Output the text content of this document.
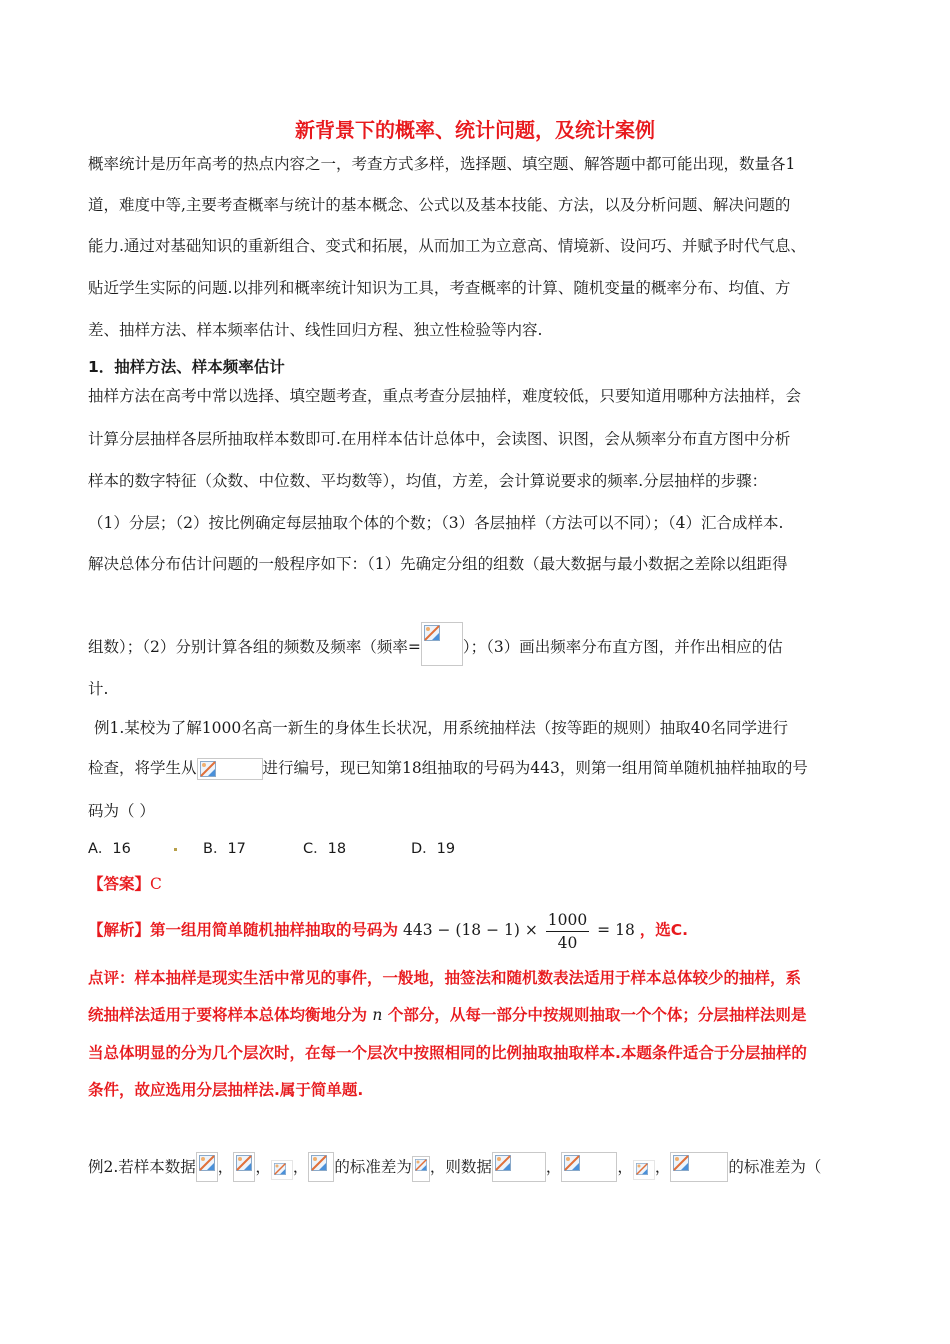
新背景下的概率、统计问题，及统计案例
概率统计是历年高考的热点内容之一，考查方式多样，选择题、填空题、解答题中都可能出现，数量各1
道，难度中等,主要考查概率与统计的基本概念、公式以及基本技能、方法，以及分析问题、解决问题的
能力.通过对基础知识的重新组合、变式和拓展，从而加工为立意高、情境新、设问巧、并赋予时代气息、
贴近学生实际的问题.以排列和概率统计知识为工具，考查概率的计算、随机变量的概率分布、均值、方
差、抽样方法、样本频率估计、线性回归方程、独立性检验等内容.
1．抽样方法、样本频率估计
抽样方法在高考中常以选择、填空题考查，重点考查分层抽样，难度较低，只要知道用哪种方法抽样，会
计算分层抽样各层所抽取样本数即可.在用样本估计总体中，会读图、识图，会从频率分布直方图中分析
样本的数字特征（众数、中位数、平均数等），均值，方差，会计算说要求的频率.分层抽样的步骤：
（1）分层；（2）按比例确定每层抽取个体的个数；（3）各层抽样（方法可以不同）；（4）汇合成样本.
解决总体分布估计问题的一般程序如下：（1）先确定分组的组数（最大数据与最小数据之差除以组距得
组数）；（2）分别计算各组的频数及频率（频率=	）；（3）画出频率分布直方图，并作出相应的估
计.
例1.某校为了解1000名高一新生的身体生长状况，用系统抽样法（按等距的规则）抽取40名同学进行
检查，将学生从	进行编号，现已知第18组抽取的号码为443，则第一组用简单随机抽样抽取的号
码为（ ）
A．16	B．17	C．18	D．19
【答案】C
【解析】第一组用简单随机抽样抽取的号码为 $443 - (18 - 1) \times \frac{1000}{40} = 18$ ，选C.
点评：样本抽样是现实生活中常见的事件，一般地，抽签法和随机数表法适用于样本总体较少的抽样，系
统抽样法适用于要将样本总体均衡地分为 n 个部分，从每一部分中按规则抽取一个个体；分层抽样法则是
当总体明显的分为几个层次时，在每一个层次中按照相同的比例抽取抽取样本.本题条件适合于分层抽样的
条件，故应选用分层抽样法.属于简单题.
例2.若样本数据 ， ， ， 的标准差为 ，则数据	，	， ，	的标准差为（
